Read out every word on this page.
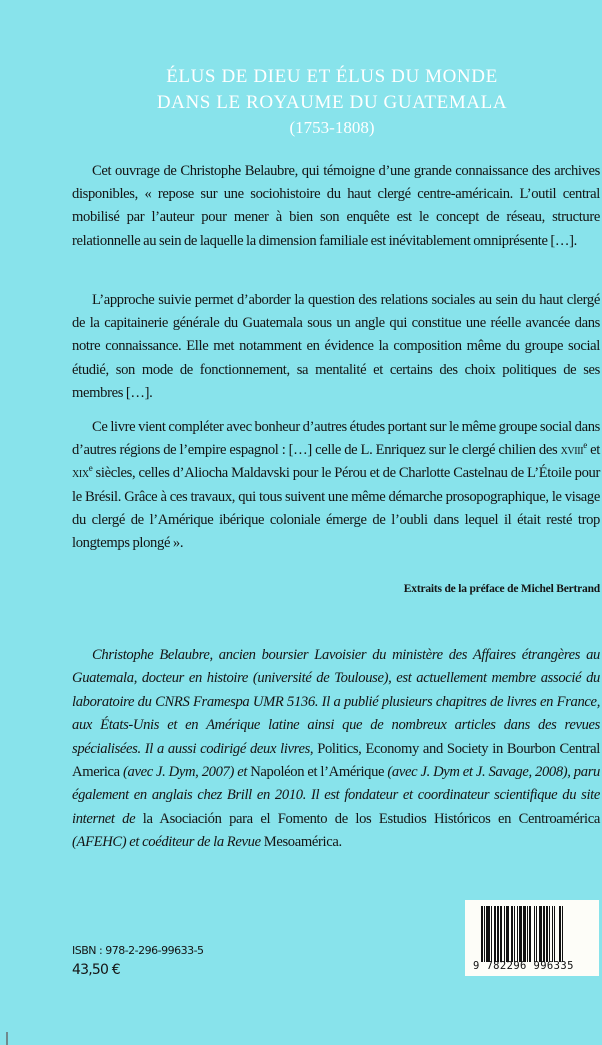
ÉLUS DE DIEU ET ÉLUS DU MONDE
DANS LE ROYAUME DU GUATEMALA
(1753-1808)

Cet ouvrage de Christophe Belaubre, qui témoigne d’une grande connaissance des archives disponibles, « repose sur une sociohistoire du haut clergé centre-américain. L’outil central mobilisé par l’auteur pour mener à bien son enquête est le concept de réseau, structure relationnelle au sein de laquelle la dimension familiale est inévitablement omniprésente […].

L’approche suivie permet d’aborder la question des relations sociales au sein du haut clergé de la capitainerie générale du Guatemala sous un angle qui constitue une réelle avancée dans notre connaissance. Elle met notamment en évidence la composition même du groupe social étudié, son mode de fonctionnement, sa mentalité et certains des choix politiques de ses membres […].

Ce livre vient compléter avec bonheur d’autres études portant sur le même groupe social dans d’autres régions de l’empire espagnol : […] celle de L. Enriquez sur le clergé chilien des xviii$^e$ et xix$^e$ siècles, celles d’Aliocha Maldavski pour le Pérou et de Charlotte Castelnau de L’Étoile pour le Brésil. Grâce à ces travaux, qui tous suivent une même démarche prosopographique, le visage du clergé de l’Amérique ibérique coloniale émerge de l’oubli dans lequel il était resté trop longtemps plongé ».

Extraits de la préface de Michel Bertrand

Christophe Belaubre, ancien boursier Lavoisier du ministère des Affaires étrangères au Guatemala, docteur en histoire (université de Toulouse), est actuellement membre associé du laboratoire du CNRS Framespa UMR 5136. Il a publié plusieurs chapitres de livres en France, aux États-Unis et en Amérique latine ainsi que de nombreux articles dans des revues spécialisées. Il a aussi codirigé deux livres, Politics, Economy and Society in Bourbon Central America (avec J. Dym, 2007) et Napoléon et l’Amérique (avec J. Dym et J. Savage, 2008), paru également en anglais chez Brill en 2010. Il est fondateur et coordinateur scientifique du site internet de la Asociación para el Fomento de los Estudios Históricos en Centroamérica (AFEHC) et coéditeur de la Revue Mesoamérica.

ISBN : 978-2-296-99633-5
43,50 €	9 782296 996335
